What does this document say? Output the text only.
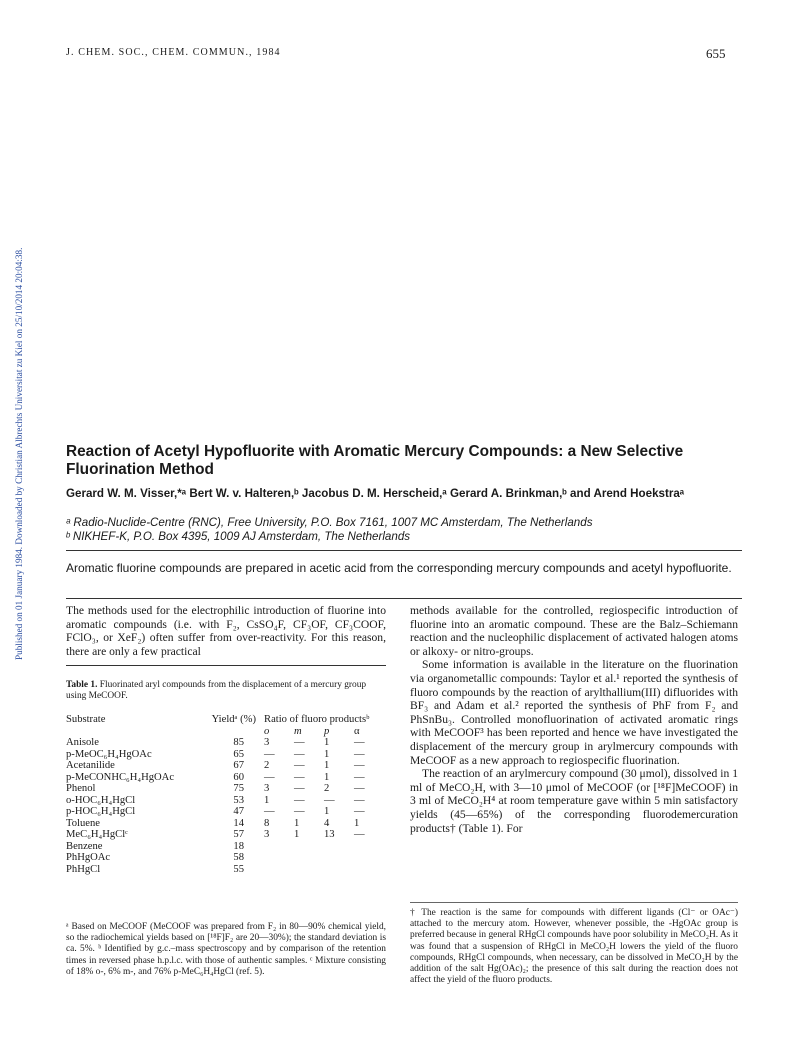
Published on 01 January 1984. Downloaded by Christian Albrechts Universitat zu Kiel on 25/10/2014 20:04:38.
J. CHEM. SOC., CHEM. COMMUN., 1984	655
Reaction of Acetyl Hypofluorite with Aromatic Mercury Compounds: a New Selective Fluorination Method
Gerard W. M. Visser,*ᵃ Bert W. v. Halteren,ᵇ Jacobus D. M. Herscheid,ᵃ Gerard A. Brinkman,ᵇ and Arend Hoekstraᵃ
ᵃ Radio-Nuclide-Centre (RNC), Free University, P.O. Box 7161, 1007 MC Amsterdam, The Netherlands
ᵇ NIKHEF-K, P.O. Box 4395, 1009 AJ Amsterdam, The Netherlands
Aromatic fluorine compounds are prepared in acetic acid from the corresponding mercury compounds and acetyl hypofluorite.

The methods used for the electrophilic introduction of fluorine into aromatic compounds (i.e. with F₂, CsSO₄F, CF₃OF, CF₃COOF, FClO₃, or XeF₂) often suffer from over-reactivity. For this reason, there are only a few practical

Table 1. Fluorinated aryl compounds from the displacement of a mercury group using MeCOOF.
Substrate	Yieldᵃ (%)	Ratio of fluoro productsᵇ			
		o	m	p	α
Anisole	85	3	—	1	—
p-MeOC₆H₄HgOAc	65	—	—	1	—
Acetanilide	67	2	—	1	—
p-MeCONHC₆H₄HgOAc	60	—	—	1	—
Phenol	75	3	—	2	—
o-HOC₆H₄HgCl	53	1	—	—	—
p-HOC₆H₄HgCl	47	—	—	1	—
Toluene	14	8	1	4	1
MeC₆H₄HgClᶜ	57	3	1	13	—
Benzene	18				
PhHgOAc	58				
PhHgCl	55				
ᵃ Based on MeCOOF (MeCOOF was prepared from F₂ in 80—90% chemical yield, so the radiochemical yields based on [¹⁸F]F₂ are 20—30%); the standard deviation is ca. 5%. ᵇ Identified by g.c.–mass spectroscopy and by comparison of the retention times in reversed phase h.p.l.c. with those of authentic samples. ᶜ Mixture consisting of 18% o-, 6% m-, and 76% p-MeC₆H₄HgCl (ref. 5).

methods available for the controlled, regiospecific introduction of fluorine into an aromatic compound. These are the Balz–Schiemann reaction and the nucleophilic displacement of activated halogen atoms or alkoxy- or nitro-groups.

Some information is available in the literature on the fluorination via organometallic compounds: Taylor et al.¹ reported the synthesis of fluoro compounds by the reaction of arylthallium(III) difluorides with BF₃ and Adam et al.² reported the synthesis of PhF from F₂ and PhSnBu₃. Controlled monofluorination of activated aromatic rings with MeCOOF³ has been reported and hence we have investigated the displacement of the mercury group in arylmercury compounds with MeCOOF as a new approach to regiospecific fluorination.

The reaction of an arylmercury compound (30 μmol), dissolved in 1 ml of MeCO₂H, with 3—10 μmol of MeCOOF (or [¹⁸F]MeCOOF) in 3 ml of MeCO₂H⁴ at room temperature gave within 5 min satisfactory yields (45—65%) of the corresponding fluorodemercuration products† (Table 1). For

† The reaction is the same for compounds with different ligands (Cl⁻ or OAc⁻) attached to the mercury atom. However, whenever possible, the -HgOAc group is preferred because in general RHgCl compounds have poor solubility in MeCO₂H. As it was found that a suspension of RHgCl in MeCO₂H lowers the yield of the fluoro compounds, RHgCl compounds, when necessary, can be dissolved in MeCO₂H by the addition of the salt Hg(OAc)₂; the presence of this salt during the reaction does not affect the yield of the fluoro products.
